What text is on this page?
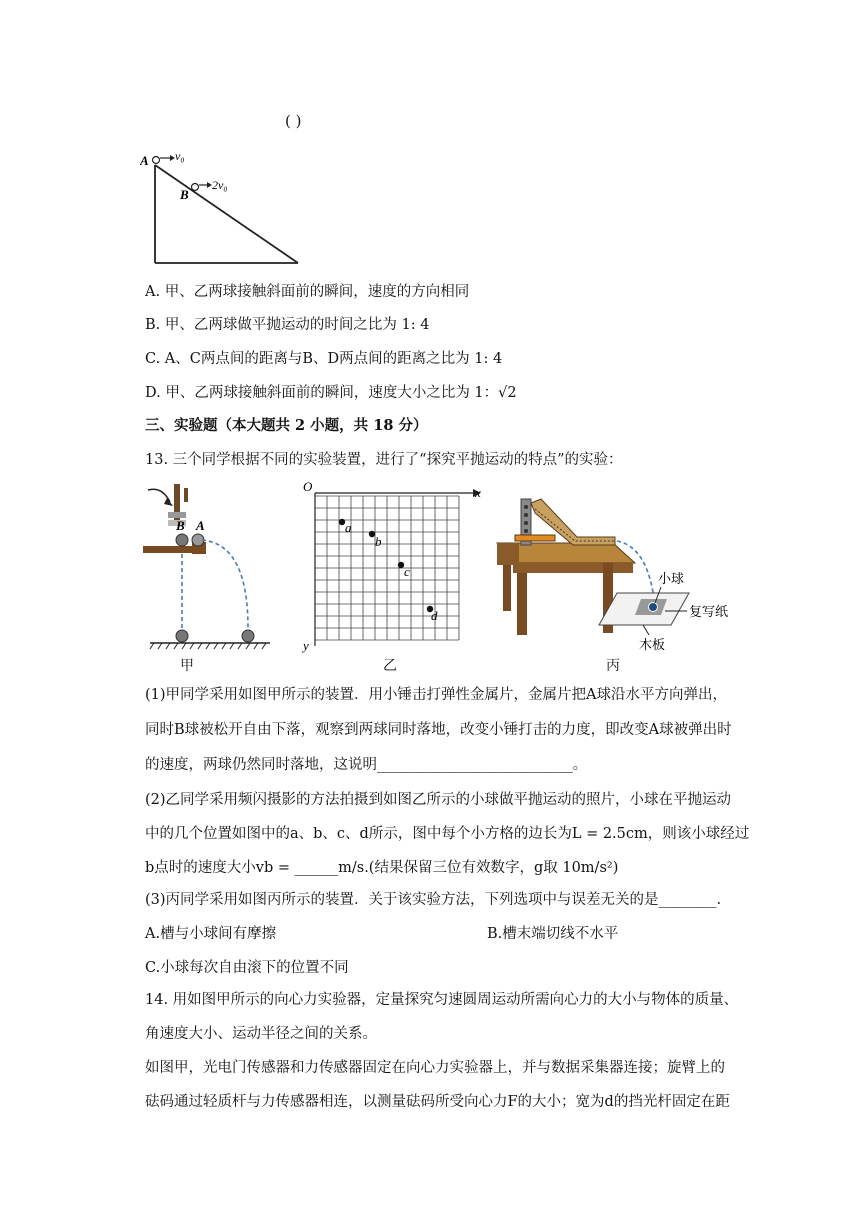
( )
A v₀
B
2v₀
A. 甲、乙两球接触斜面前的瞬间，速度的方向相同
B. 甲、乙两球做平抛运动的时间之比为 1: 4
C. A、C两点间的距离与B、D两点间的距离之比为 1: 4
D. 甲、乙两球接触斜面前的瞬间，速度大小之比为 1：√2
三、实验题（本大题共 2 小题，共 18 分）
13. 三个同学根据不同的实验装置，进行了“探究平抛运动的特点”的实验：
B A
甲
O	x
y
a
b
c
d
乙
小球
复写纸
木板
丙
(1)甲同学采用如图甲所示的装置．用小锤击打弹性金属片，金属片把A球沿水平方向弹出，
同时B球被松开自由下落，观察到两球同时落地，改变小锤打击的力度，即改变A球被弹出时
的速度，两球仍然同时落地，这说明___________________________。
(2)乙同学采用频闪摄影的方法拍摄到如图乙所示的小球做平抛运动的照片，小球在平抛运动
中的几个位置如图中的a、b、c、d所示，图中每个小方格的边长为L = 2.5cm，则该小球经过
b点时的速度大小vb = ______m/s.(结果保留三位有效数字，g取 10m/s²)
(3)丙同学采用如图丙所示的装置．关于该实验方法，下列选项中与误差无关的是________.
A.槽与小球间有摩擦	B.槽末端切线不水平
C.小球每次自由滚下的位置不同
14. 用如图甲所示的向心力实验器，定量探究匀速圆周运动所需向心力的大小与物体的质量、
角速度大小、运动半径之间的关系。
如图甲，光电门传感器和力传感器固定在向心力实验器上，并与数据采集器连接；旋臂上的
砝码通过轻质杆与力传感器相连，以测量砝码所受向心力F的大小；宽为d的挡光杆固定在距
